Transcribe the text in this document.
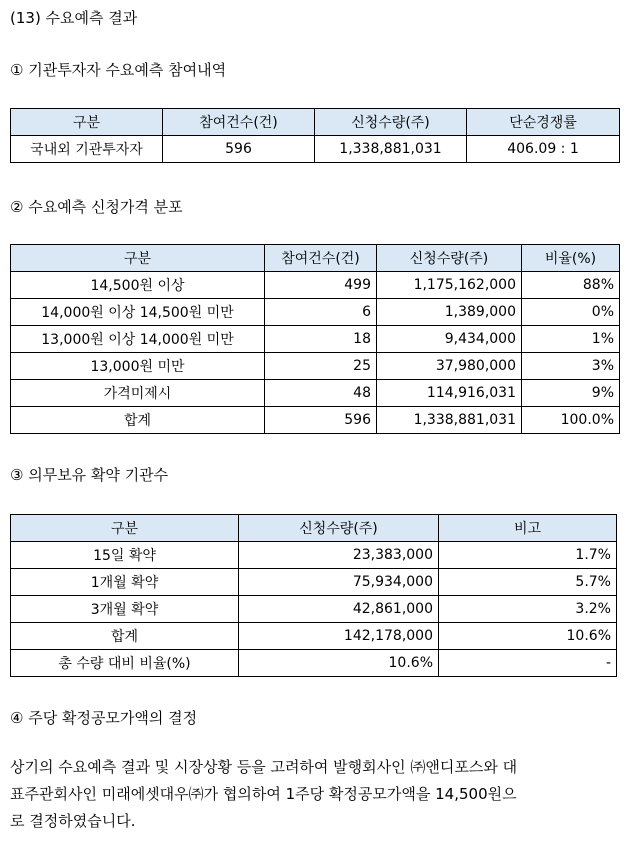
(13) 수요예측 결과
① 기관투자자 수요예측 참여내역
구분	참여건수(건)	신청수량(주)	단순경쟁률
국내외 기관투자자	596	1,338,881,031	406.09 : 1
② 수요예측 신청가격 분포
구분	참여건수(건)	신청수량(주)	비율(%)
14,500원 이상	499	1,175,162,000	88%
14,000원 이상 14,500원 미만	6	1,389,000	0%
13,000원 이상 14,000원 미만	18	9,434,000	1%
13,000원 미만	25	37,980,000	3%
가격미제시	48	114,916,031	9%
합계	596	1,338,881,031	100.0%
③ 의무보유 확약 기관수
구분	신청수량(주)	비고
15일 확약	23,383,000	1.7%
1개월 확약	75,934,000	5.7%
3개월 확약	42,861,000	3.2%
합계	142,178,000	10.6%
총 수량 대비 비율(%)	10.6%	-
④ 주당 확정공모가액의 결정
상기의 수요예측 결과 및 시장상황 등을 고려하여 발행회사인 ㈜앤디포스와 대
표주관회사인 미래에셋대우㈜가 협의하여 1주당 확정공모가액을 14,500원으
로 결정하였습니다.
